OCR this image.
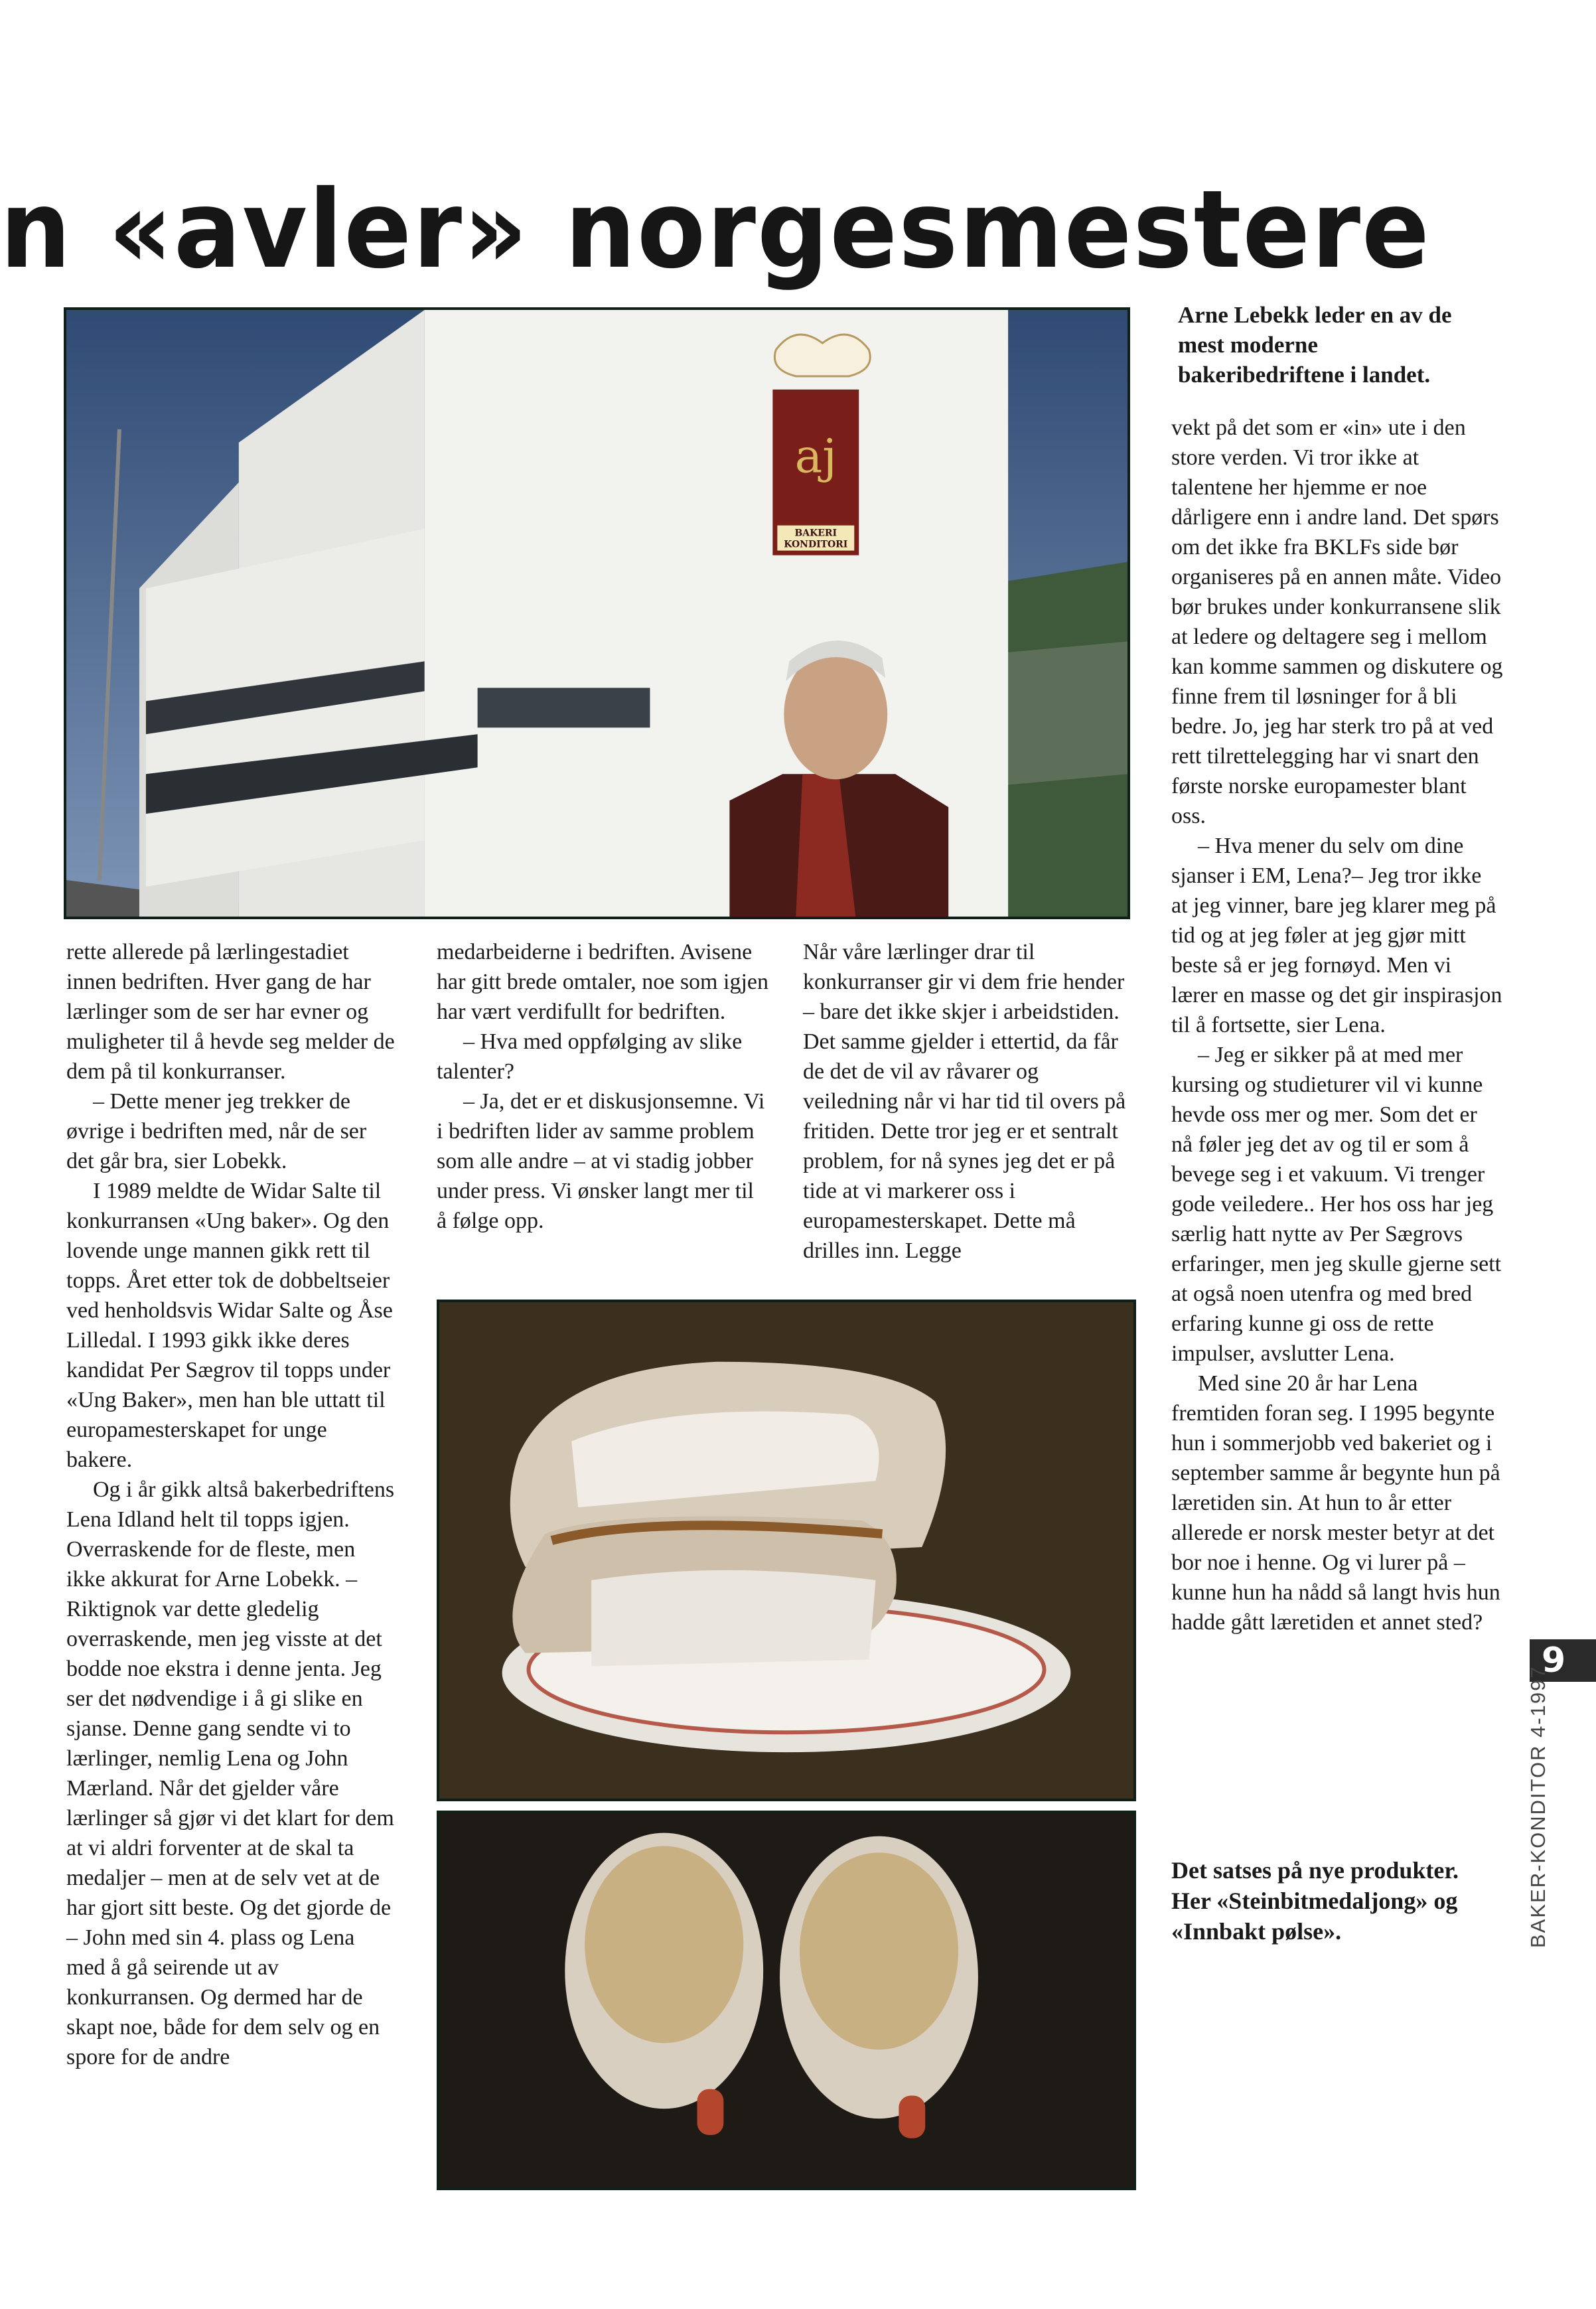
n «avler» norgesmestere
aj
BAKERI
KONDITORI

rette allerede på lærlingestadiet innen bedriften. Hver gang de har lærlinger som de ser har evner og muligheter til å hevde seg melder de dem på til konkurranser.

– Dette mener jeg trekker de øvrige i bedriften med, når de ser det går bra, sier Lobekk.

I 1989 meldte de Widar Salte til konkurransen «Ung baker». Og den lovende unge mannen gikk rett til topps. Året etter tok de dobbeltseier ved henholdsvis Widar Salte og Åse Lilledal. I 1993 gikk ikke deres kandidat Per Sægrov til topps under «Ung Baker», men han ble uttatt til europamesterskapet for unge bakere.

Og i år gikk altså bakerbedriftens Lena Idland helt til topps igjen. Overraskende for de fleste, men ikke akkurat for Arne Lobekk. – Riktignok var dette gledelig overraskende, men jeg visste at det bodde noe ekstra i denne jenta. Jeg ser det nødvendige i å gi slike en sjanse. Denne gang sendte vi to lærlinger, nemlig Lena og John Mærland. Når det gjelder våre lærlinger så gjør vi det klart for dem at vi aldri forventer at de skal ta medaljer – men at de selv vet at de har gjort sitt beste. Og det gjorde de – John med sin 4. plass og Lena med å gå seirende ut av konkurransen. Og dermed har de skapt noe, både for dem selv og en spore for de andre

medarbeiderne i bedriften. Avisene har gitt brede omtaler, noe som igjen har vært verdifullt for bedriften.

– Hva med oppfølging av slike talenter?

– Ja, det er et diskusjonsemne. Vi i bedriften lider av samme problem som alle andre – at vi stadig jobber under press. Vi ønsker langt mer til å følge opp.

Når våre lærlinger drar til konkurranser gir vi dem frie hender – bare det ikke skjer i arbeidstiden. Det samme gjelder i ettertid, da får de det de vil av råvarer og veiledning når vi har tid til overs på fritiden. Dette tror jeg er et sentralt problem, for nå synes jeg det er på tide at vi markerer oss i europamesterskapet. Dette må drilles inn. Legge

Arne Lebekk leder en av de mest moderne bakeribedriftene i landet.

vekt på det som er «in» ute i den store verden. Vi tror ikke at talentene her hjemme er noe dårligere enn i andre land. Det spørs om det ikke fra BKLFs side bør organiseres på en annen måte. Video bør brukes under konkurransene slik at ledere og deltagere seg i mellom kan komme sammen og diskutere og finne frem til løsninger for å bli bedre. Jo, jeg har sterk tro på at ved rett tilrettelegging har vi snart den første norske europamester blant oss.

– Hva mener du selv om dine sjanser i EM, Lena?– Jeg tror ikke at jeg vinner, bare jeg klarer meg på tid og at jeg føler at jeg gjør mitt beste så er jeg fornøyd. Men vi lærer en masse og det gir inspirasjon til å fortsette, sier Lena.

– Jeg er sikker på at med mer kursing og studieturer vil vi kunne hevde oss mer og mer. Som det er nå føler jeg det av og til er som å bevege seg i et vakuum. Vi trenger gode veiledere.. Her hos oss har jeg særlig hatt nytte av Per Sægrovs erfaringer, men jeg skulle gjerne sett at også noen utenfra og med bred erfaring kunne gi oss de rette impulser, avslutter Lena.

Med sine 20 år har Lena fremtiden foran seg. I 1995 begynte hun i sommerjobb ved bakeriet og i september samme år begynte hun på læretiden sin. At hun to år etter allerede er norsk mester betyr at det bor noe i henne. Og vi lurer på – kunne hun ha nådd så langt hvis hun hadde gått læretiden et annet sted?

Det satses på nye produkter. Her «Steinbitmedaljong» og «Innbakt pølse».
9
BAKER-KONDITOR 4-1997
